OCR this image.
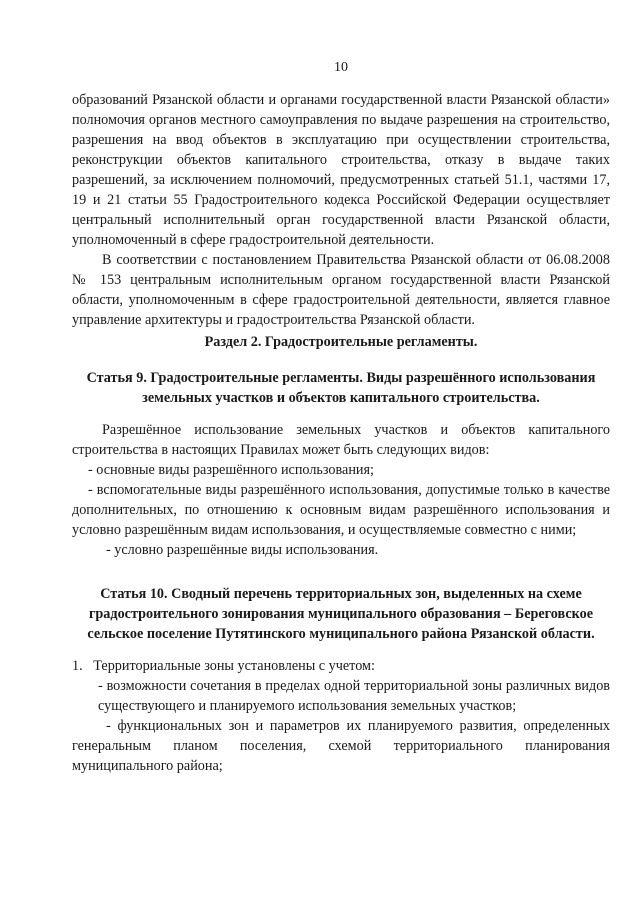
10

образований Рязанской области и органами государственной власти Рязанской области» полномочия органов местного самоуправления по выдаче разрешения на строительство, разрешения на ввод объектов в эксплуатацию при осуществлении строительства, реконструкции объектов капитального строительства, отказу в выдаче таких разрешений, за исключением полномочий, предусмотренных статьей 51.1, частями 17, 19 и 21 статьи 55 Градостроительного кодекса Российской Федерации осуществляет центральный исполнительный орган государственной власти Рязанской области, уполномоченный в сфере градостроительной деятельности.

В соответствии с постановлением Правительства Рязанской области от 06.08.2008 № 153 центральным исполнительным органом государственной власти Рязанской области, уполномоченным в сфере градостроительной деятельности, является главное управление архитектуры и градостроительства Рязанской области.

Раздел 2. Градостроительные регламенты.
Статья 9. Градостроительные регламенты. Виды разрешённого использования земельных участков и объектов капитального строительства.

Разрешённое использование земельных участков и объектов капитального строительства в настоящих Правилах может быть следующих видов:

- основные виды разрешённого использования;

- вспомогательные виды разрешённого использования, допустимые только в качестве дополнительных, по отношению к основным видам разрешённого использования и условно разрешённым видам использования, и осуществляемые совместно с ними;

- условно разрешённые виды использования.

Статья 10. Сводный перечень территориальных зон, выделенных на схеме градостроительного зонирования муниципального образования – Береговское сельское поселение Путятинского муниципального района Рязанской области.

1. Территориальные зоны установлены с учетом:

- возможности сочетания в пределах одной территориальной зоны различных видов существующего и планируемого использования земельных участков;

- функциональных зон и параметров их планируемого развития, определенных генеральным планом поселения, схемой территориального планирования муниципального района;
